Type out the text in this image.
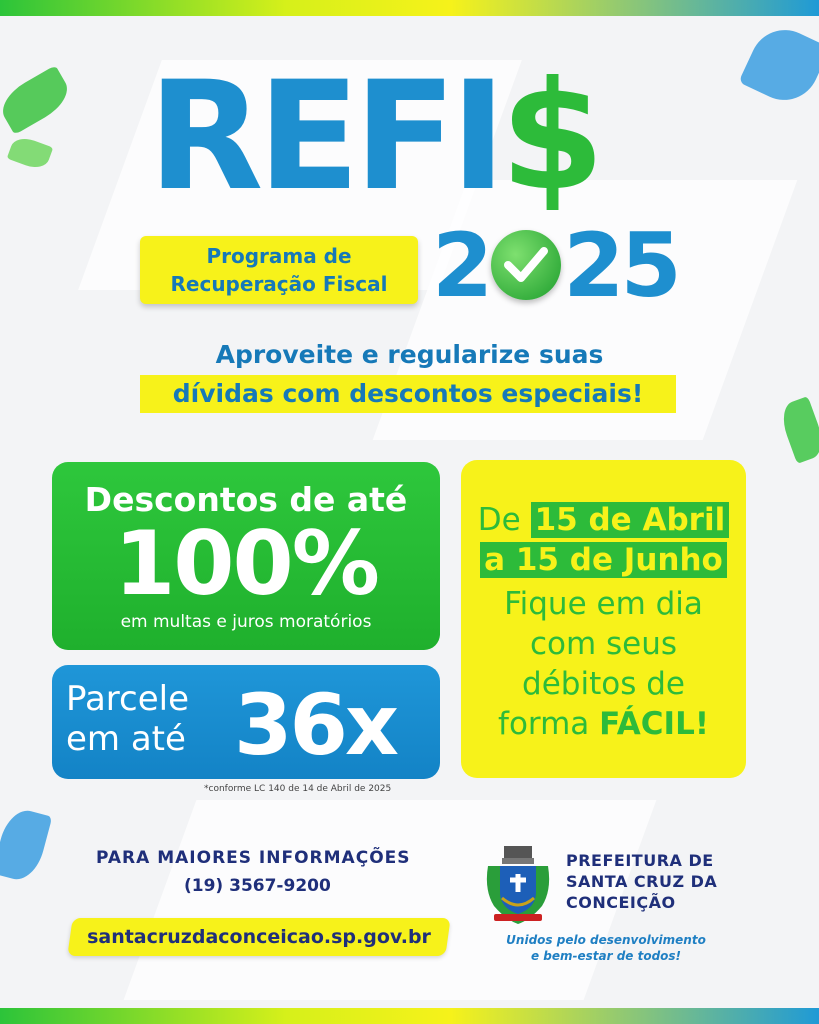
REFI$
Programa de
Recuperação Fiscal 2 25
Aproveite e regularize suas
dívidas com descontos especiais!
Descontos de até
100%
em multas e juros moratórios
Parcele
em até 36x
*conforme LC 140 de 14 de Abril de 2025
De 15 de Abril
a 15 de Junho
Fique em dia
com seus
débitos de
forma FÁCIL!
PARA MAIORES INFORMAÇÕES
(19) 3567-9200
santacruzdaconceicao.sp.gov.br
PREFEITURA DE
SANTA CRUZ DA
CONCEIÇÃO
Unidos pelo desenvolvimento
e bem-estar de todos!
